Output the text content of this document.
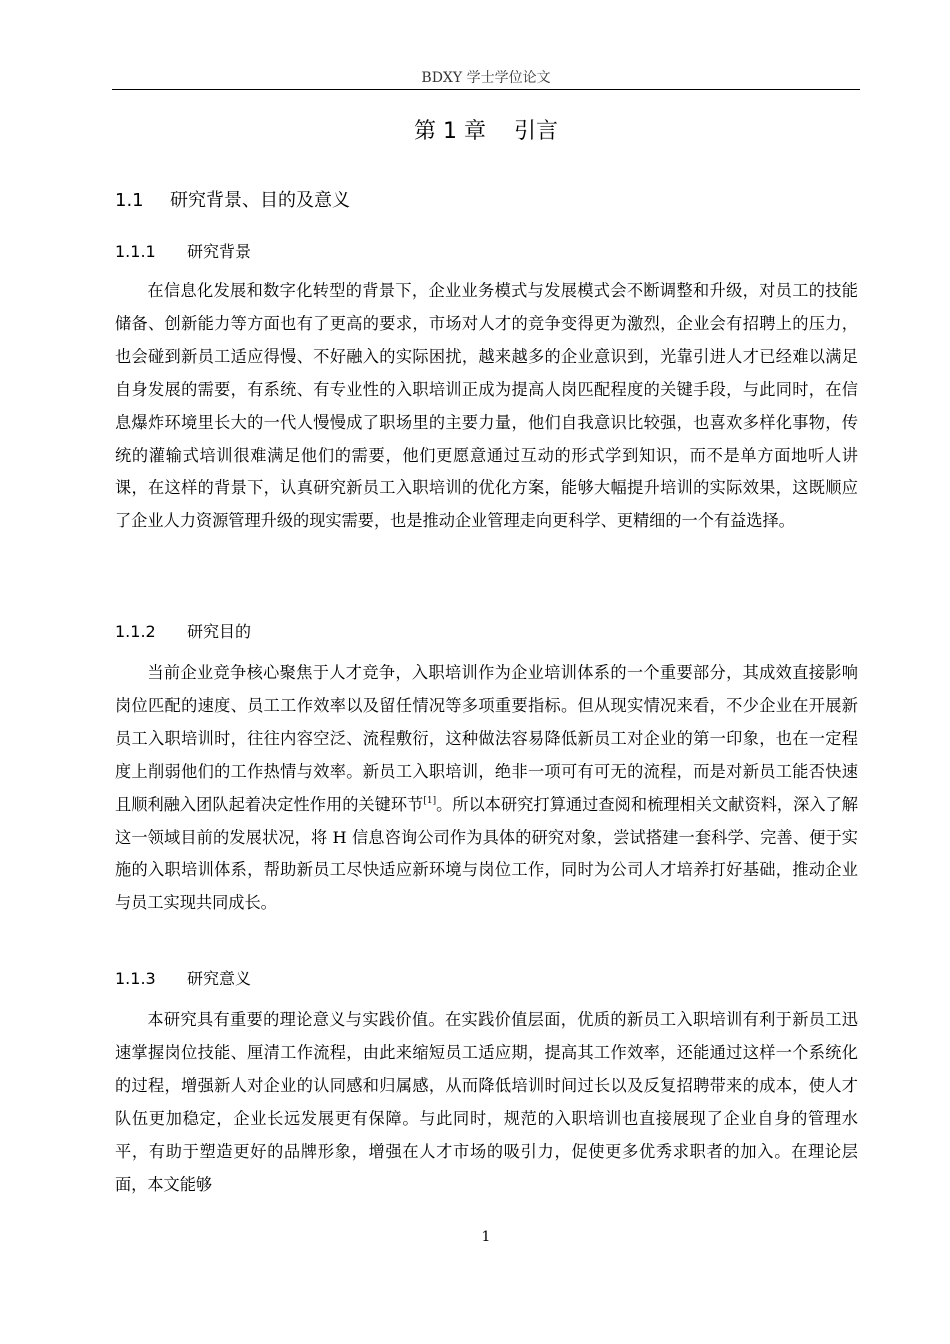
BDXY 学士学位论文
第 1 章 引言
1.1 研究背景、目的及意义
1.1.1 研究背景

在信息化发展和数字化转型的背景下，企业业务模式与发展模式会不断调整和升级，对员工的技能储备、创新能力等方面也有了更高的要求，市场对人才的竞争变得更为激烈，企业会有招聘上的压力，也会碰到新员工适应得慢、不好融入的实际困扰，越来越多的企业意识到，光靠引进人才已经难以满足自身发展的需要，有系统、有专业性的入职培训正成为提高人岗匹配程度的关键手段，与此同时，在信息爆炸环境里长大的一代人慢慢成了职场里的主要力量，他们自我意识比较强，也喜欢多样化事物，传统的灌输式培训很难满足他们的需要，他们更愿意通过互动的形式学到知识，而不是单方面地听人讲课，在这样的背景下，认真研究新员工入职培训的优化方案，能够大幅提升培训的实际效果，这既顺应了企业人力资源管理升级的现实需要，也是推动企业管理走向更科学、更精细的一个有益选择。

1.1.2 研究目的

当前企业竞争核心聚焦于人才竞争，入职培训作为企业培训体系的一个重要部分，其成效直接影响岗位匹配的速度、员工工作效率以及留任情况等多项重要指标。但从现实情况来看，不少企业在开展新员工入职培训时，往往内容空泛、流程敷衍，这种做法容易降低新员工对企业的第一印象，也在一定程度上削弱他们的工作热情与效率。新员工入职培训，绝非一项可有可无的流程，而是对新员工能否快速且顺利融入团队起着决定性作用的关键环节[1]。所以本研究打算通过查阅和梳理相关文献资料，深入了解这一领域目前的发展状况，将 H 信息咨询公司作为具体的研究对象，尝试搭建一套科学、完善、便于实施的入职培训体系，帮助新员工尽快适应新环境与岗位工作，同时为公司人才培养打好基础，推动企业与员工实现共同成长。

1.1.3 研究意义

本研究具有重要的理论意义与实践价值。在实践价值层面，优质的新员工入职培训有利于新员工迅速掌握岗位技能、厘清工作流程，由此来缩短员工适应期，提高其工作效率，还能通过这样一个系统化的过程，增强新人对企业的认同感和归属感，从而降低培训时间过长以及反复招聘带来的成本，使人才队伍更加稳定，企业长远发展更有保障。与此同时，规范的入职培训也直接展现了企业自身的管理水平，有助于塑造更好的品牌形象，增强在人才市场的吸引力，促使更多优秀求职者的加入。在理论层面，本文能够

1
